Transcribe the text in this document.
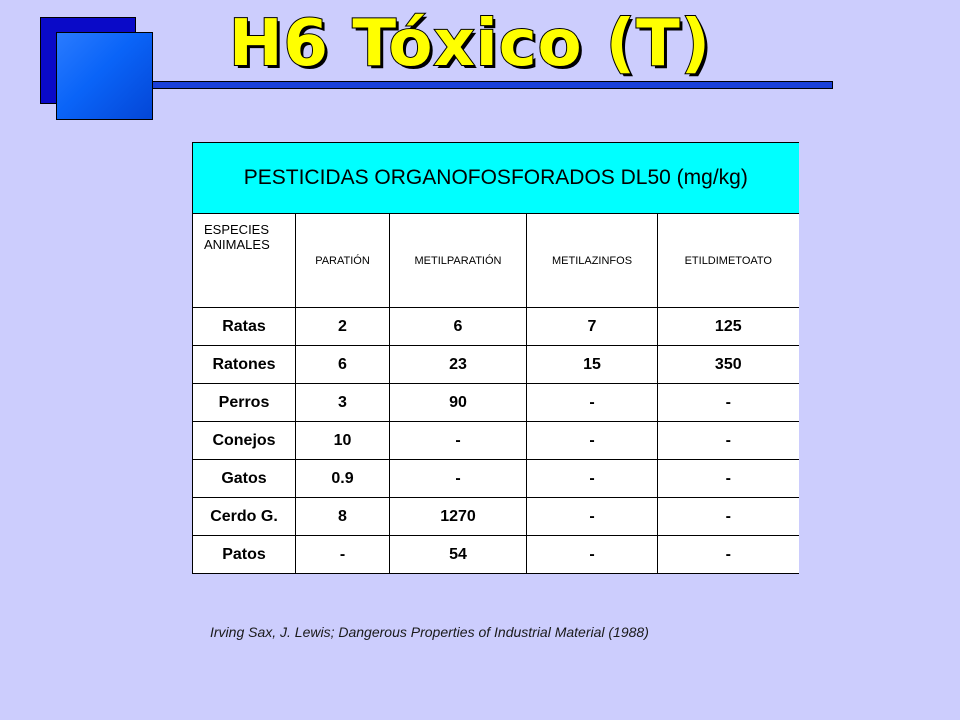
H6 Tóxico (T)
PESTICIDAS ORGANOFOSFORADOS DL50 (mg/kg)				
ESPECIES
ANIMALES	PARATIÓN	METILPARATIÓN	METILAZINFOS	ETILDIMETOATO
Ratas	2	6	7	125
Ratones	6	23	15	350
Perros	3	90	-	-
Conejos	10	-	-	-
Gatos	0.9	-	-	-
Cerdo G.	8	1270	-	-
Patos	-	54	-	-
Irving Sax, J. Lewis; Dangerous Properties of Industrial Material (1988)
